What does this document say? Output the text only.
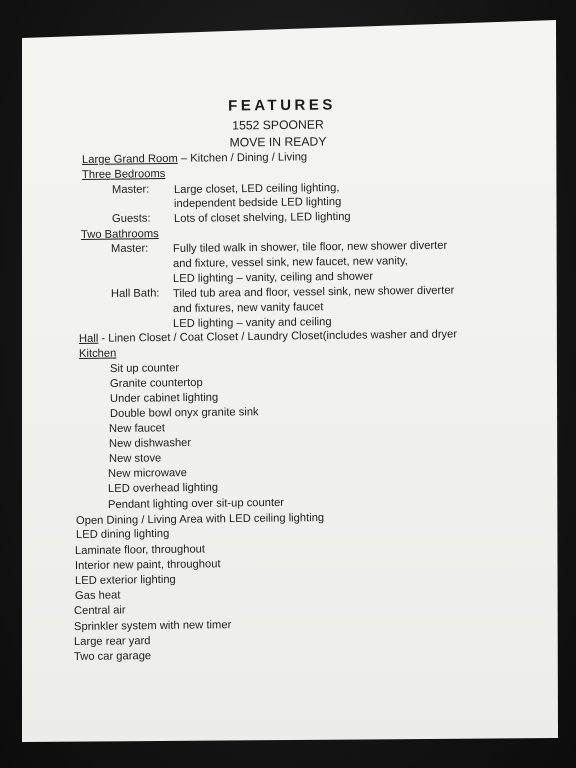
FEATURES
1552 SPOONER
MOVE IN READY
Large Grand Room – Kitchen / Dining / Living
Three Bedrooms
Master: Large closet, LED ceiling lighting,
independent bedside LED lighting
Guests: Lots of closet shelving, LED lighting
Two Bathrooms
Master: Fully tiled walk in shower, tile floor, new shower diverter
and fixture, vessel sink, new faucet, new vanity,
LED lighting – vanity, ceiling and shower
Hall Bath: Tiled tub area and floor, vessel sink, new shower diverter
and fixtures, new vanity faucet
LED lighting – vanity and ceiling
Hall - Linen Closet / Coat Closet / Laundry Closet(includes washer and dryer
Kitchen
Sit up counter
Granite countertop
Under cabinet lighting
Double bowl onyx granite sink
New faucet
New dishwasher
New stove
New microwave
LED overhead lighting
Pendant lighting over sit-up counter
Open Dining / Living Area with LED ceiling lighting
LED dining lighting
Laminate floor, throughout
Interior new paint, throughout
LED exterior lighting
Gas heat
Central air
Sprinkler system with new timer
Large rear yard
Two car garage
